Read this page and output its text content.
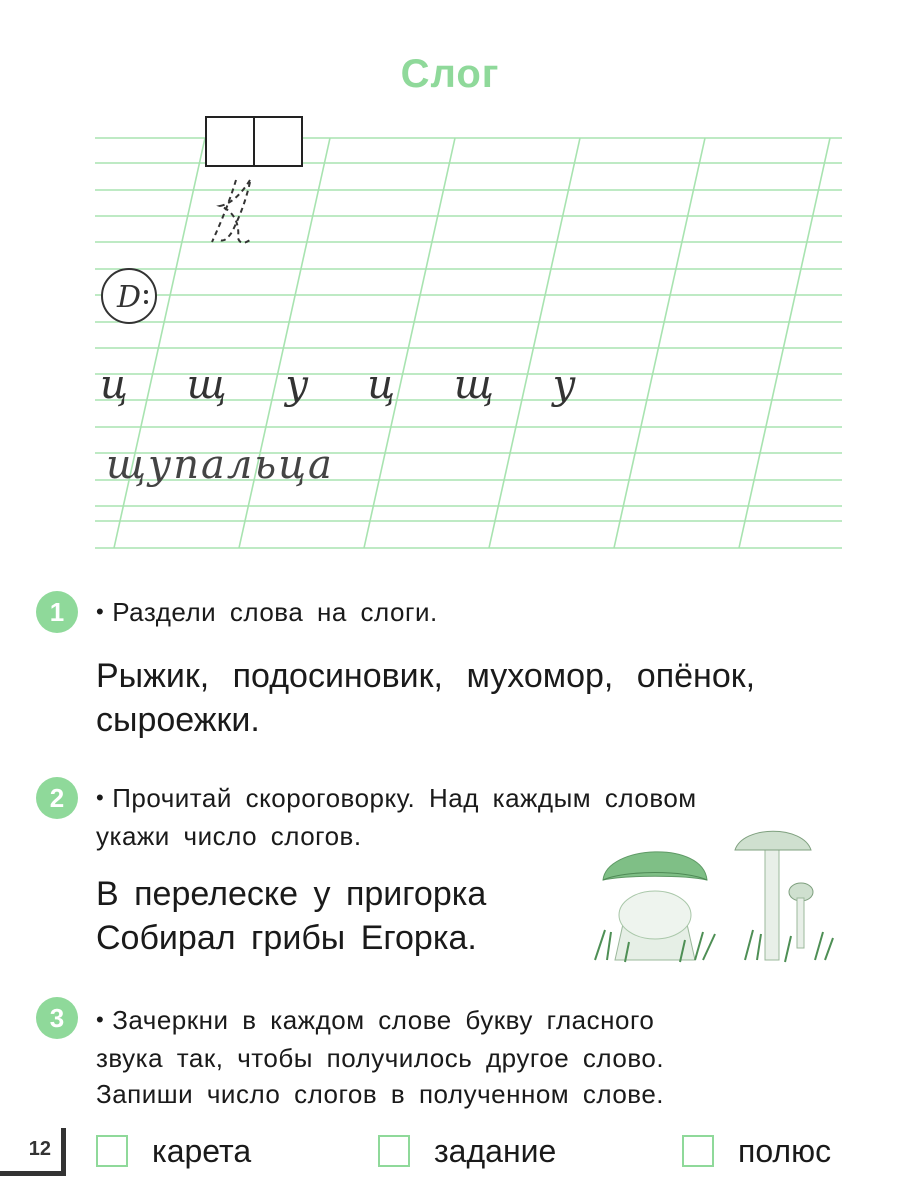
Слог
D
ц щ у ц щ у
щупальца
1	• Раздели слова на слоги.
Рыжик, подосиновик, мухомор, опёнок,
сыроежки.
2	• Прочитай скороговорку. Над каждым словом
укажи число слогов.
В перелеске у пригорка
Собирал грибы Егорка.
3	• Зачеркни в каждом слове букву гласного
звука так, чтобы получилось другое слово.
Запиши число слогов в полученном слове.
карета	задание	полюс
12
